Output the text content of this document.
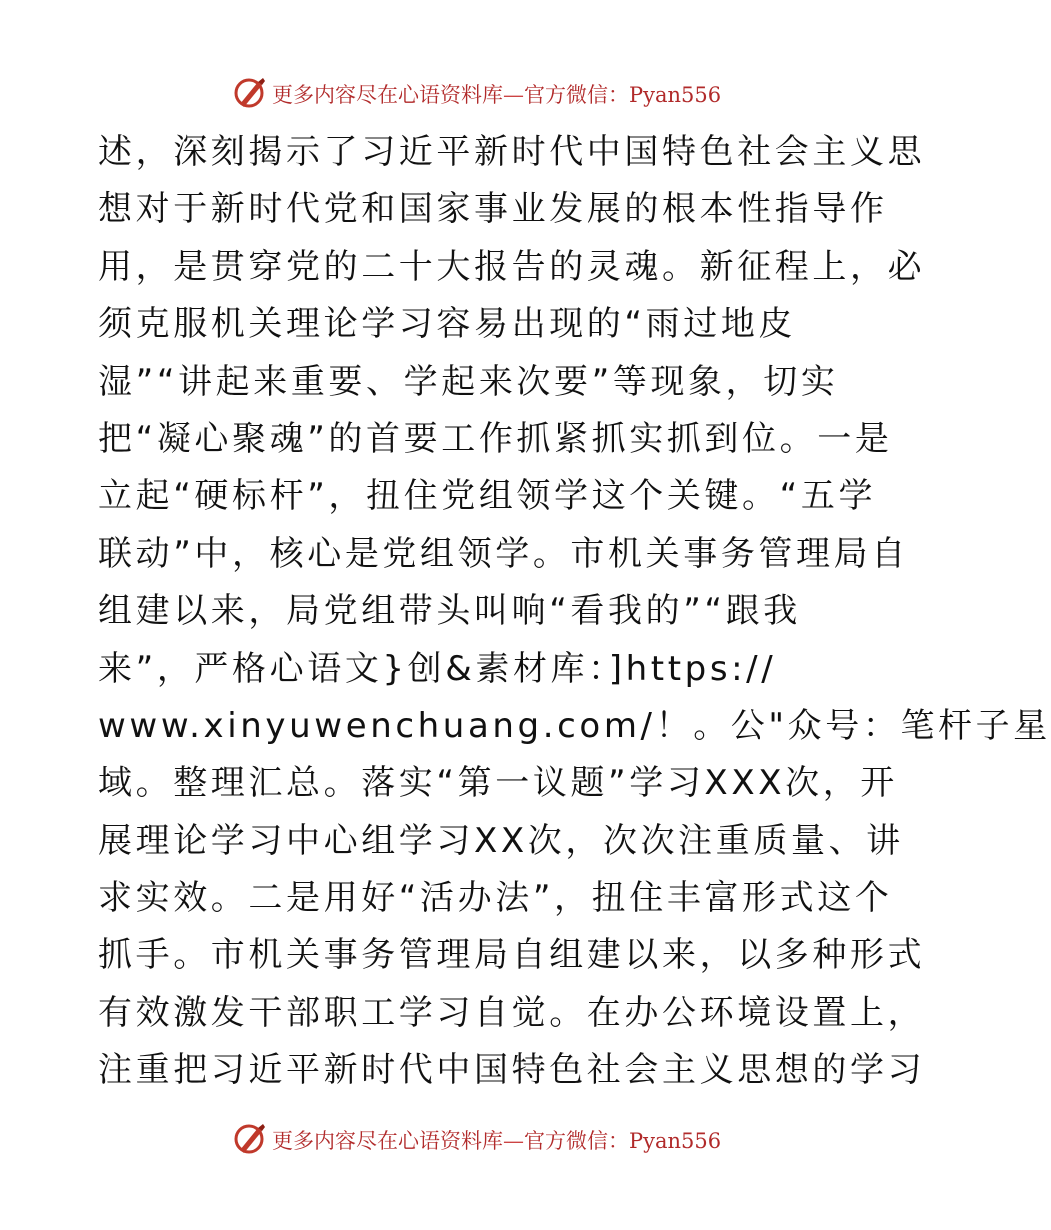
更多内容尽在心语资料库—官方微信：Pyan556
述，深刻揭示了习近平新时代中国特色社会主义思
想对于新时代党和国家事业发展的根本性指导作
用，是贯穿党的二十大报告的灵魂。新征程上，必
须克服机关理论学习容易出现的“雨过地皮
湿”“讲起来重要、学起来次要”等现象，切实
把“凝心聚魂”的首要工作抓紧抓实抓到位。一是
立起“硬标杆”，扭住党组领学这个关键。“五学
联动”中，核心是党组领学。市机关事务管理局自
组建以来，局党组带头叫响“看我的”“跟我
来”，严格心语文}创&素材库：]https://
www.xinyuwenchuang.com/！。公"众号：笔杆子星
域。整理汇总。落实“第一议题”学习XXX次，开
展理论学习中心组学习XX次，次次注重质量、讲
求实效。二是用好“活办法”，扭住丰富形式这个
抓手。市机关事务管理局自组建以来，以多种形式
有效激发干部职工学习自觉。在办公环境设置上，
注重把习近平新时代中国特色社会主义思想的学习
更多内容尽在心语资料库—官方微信：Pyan556
